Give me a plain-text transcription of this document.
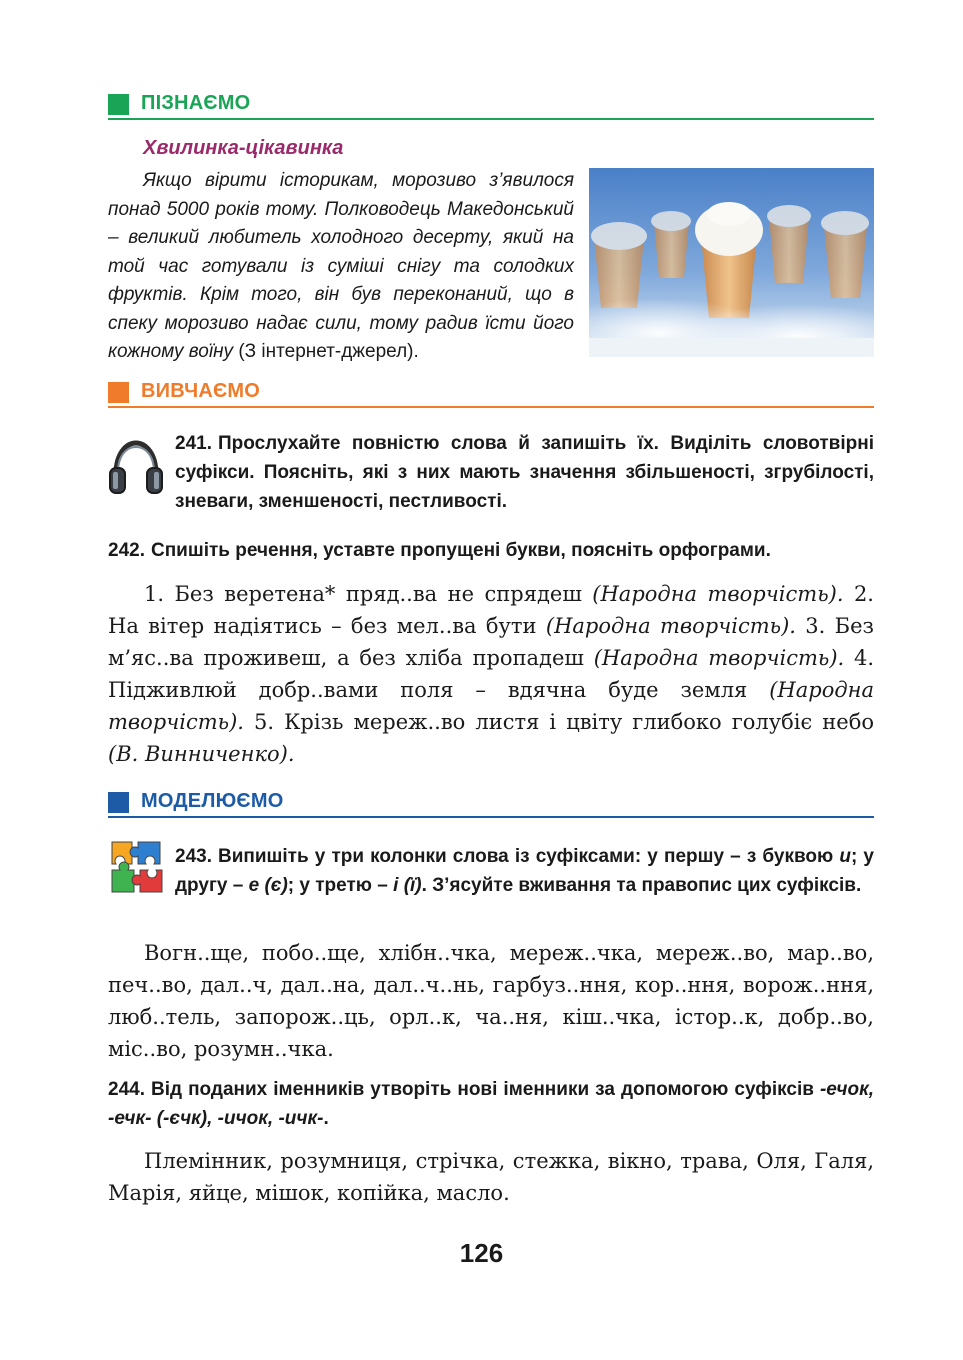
ПІЗНАЄМО
Хвилинка-цікавинка
Якщо вірити історикам, морозиво з’явилося понад 5000 років тому. Полководець Македонський – великий любитель холодного десерту, який на той час готували із суміші снігу та солодких фруктів. Крім того, він був переконаний, що в спеку морозиво надає сили, тому радив їсти його кожному воїну (З інтернет-джерел).
ВИВЧАЄМО
241. Прослухайте повністю слова й запишіть їх. Виділіть словотвірні суфікси. Поясніть, які з них мають значення збільшеності, згрубілості, зневаги, зменшеності, пестливості.
242. Спишіть речення, уставте пропущені букви, поясніть орфограми.
1. Без веретена* пряд..ва не спрядеш (Народна творчість). 2. На вітер надіятись – без мел..ва бути (Народна творчість). 3. Без м’яс..ва проживеш, а без хліба пропадеш (Народна творчість). 4. Підживлюй добр..вами поля – вдячна буде земля (Народна творчість). 5. Крізь мереж..во листя і цвіту глибоко голубіє небо (В. Винниченко).
МОДЕЛЮЄМО
243. Випишіть у три колонки слова із суфіксами: у першу – з буквою и; у другу – е (є); у третю – і (ї). З’ясуйте вживання та правопис цих суфіксів.
Вогн..ще, побо..ще, хлібн..чка, мереж..чка, мереж..во, мар..во, печ..во, дал..ч, дал..на, дал..ч..нь, гарбуз..ння, кор..ння, ворож..ння, люб..тель, запорож..ць, орл..к, ча..ня, кіш..чка, істор..к, добр..во, міс..во, розумн..чка.
244. Від поданих іменників утворіть нові іменники за допомогою суфіксів -ечок, -ечк- (-єчк), -ичок, -ичк-.
Племінник, розумниця, стрічка, стежка, вікно, трава, Оля, Галя, Марія, яйце, мішок, копійка, масло.
126
